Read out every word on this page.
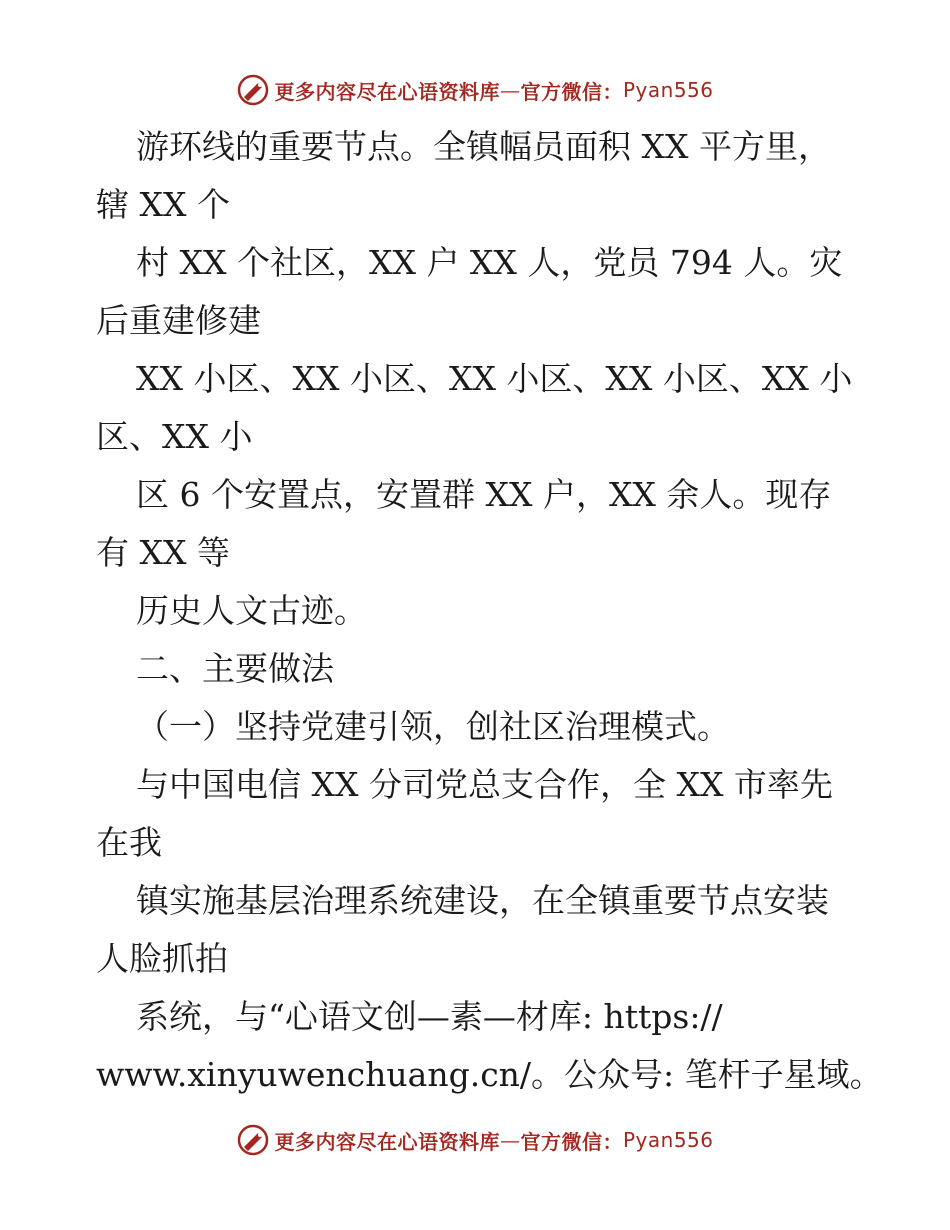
更多内容尽在心语资料库 — 官方微信： Pyan556

游环线的重要节点。全镇幅员面积 XX 平方里，

辖 XX 个

村 XX 个社区，XX 户 XX 人，党员 794 人。灾

后重建修建

XX 小区、XX 小区、XX 小区、XX 小区、XX 小

区、XX 小

区 6 个安置点，安置群 XX 户，XX 余人。现存

有 XX 等

历史人文古迹。

二、主要做法

（一）坚持党建引领，创社区治理模式。

与中国电信 XX 分司党总支合作，全 XX 市率先

在我

镇实施基层治理系统建设，在全镇重要节点安装

人脸抓拍

系统，与“心语文创—素—材库: https://

www.xinyuwenchuang.cn/。公众号: 笔杆子星域。

更多内容尽在心语资料库 — 官方微信： Pyan556
